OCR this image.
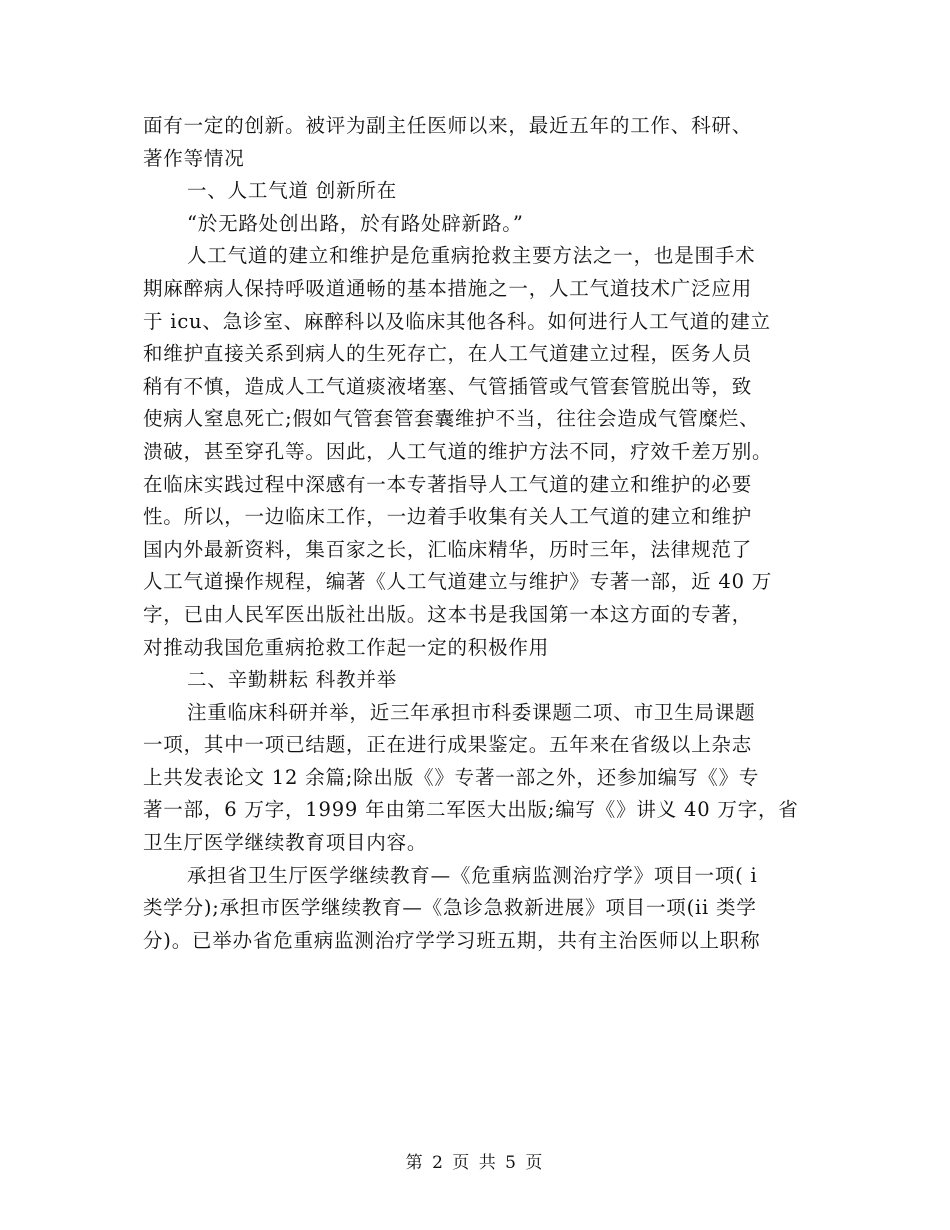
面有一定的创新。被评为副主任医师以来，最近五年的工作、科研、
著作等情况
一、人工气道 创新所在
“於无路处创出路，於有路处辟新路。”
人工气道的建立和维护是危重病抢救主要方法之一，也是围手术
期麻醉病人保持呼吸道通畅的基本措施之一，人工气道技术广泛应用
于 icu、急诊室、麻醉科以及临床其他各科。如何进行人工气道的建立
和维护直接关系到病人的生死存亡，在人工气道建立过程，医务人员
稍有不慎，造成人工气道痰液堵塞、气管插管或气管套管脱出等，致
使病人窒息死亡;假如气管套管套囊维护不当，往往会造成气管糜烂、
溃破，甚至穿孔等。因此，人工气道的维护方法不同，疗效千差万别。
在临床实践过程中深感有一本专著指导人工气道的建立和维护的必要
性。所以，一边临床工作，一边着手收集有关人工气道的建立和维护
国内外最新资料，集百家之长，汇临床精华，历时三年，法律规范了
人工气道操作规程，编著《人工气道建立与维护》专著一部，近 40 万
字，已由人民军医出版社出版。这本书是我国第一本这方面的专著，
对推动我国危重病抢救工作起一定的积极作用
二、辛勤耕耘 科教并举
注重临床科研并举，近三年承担市科委课题二项、市卫生局课题
一项，其中一项已结题，正在进行成果鉴定。五年来在省级以上杂志
上共发表论文 12 余篇;除出版《》专著一部之外，还参加编写《》专
著一部，6 万字，1999 年由第二军医大出版;编写《》讲义 40 万字，省
卫生厅医学继续教育项目内容。
承担省卫生厅医学继续教育—《危重病监测治疗学》项目一项( i
类学分);承担市医学继续教育—《急诊急救新进展》项目一项(ii 类学
分)。已举办省危重病监测治疗学学习班五期，共有主治医师以上职称
第 2 页 共 5 页
